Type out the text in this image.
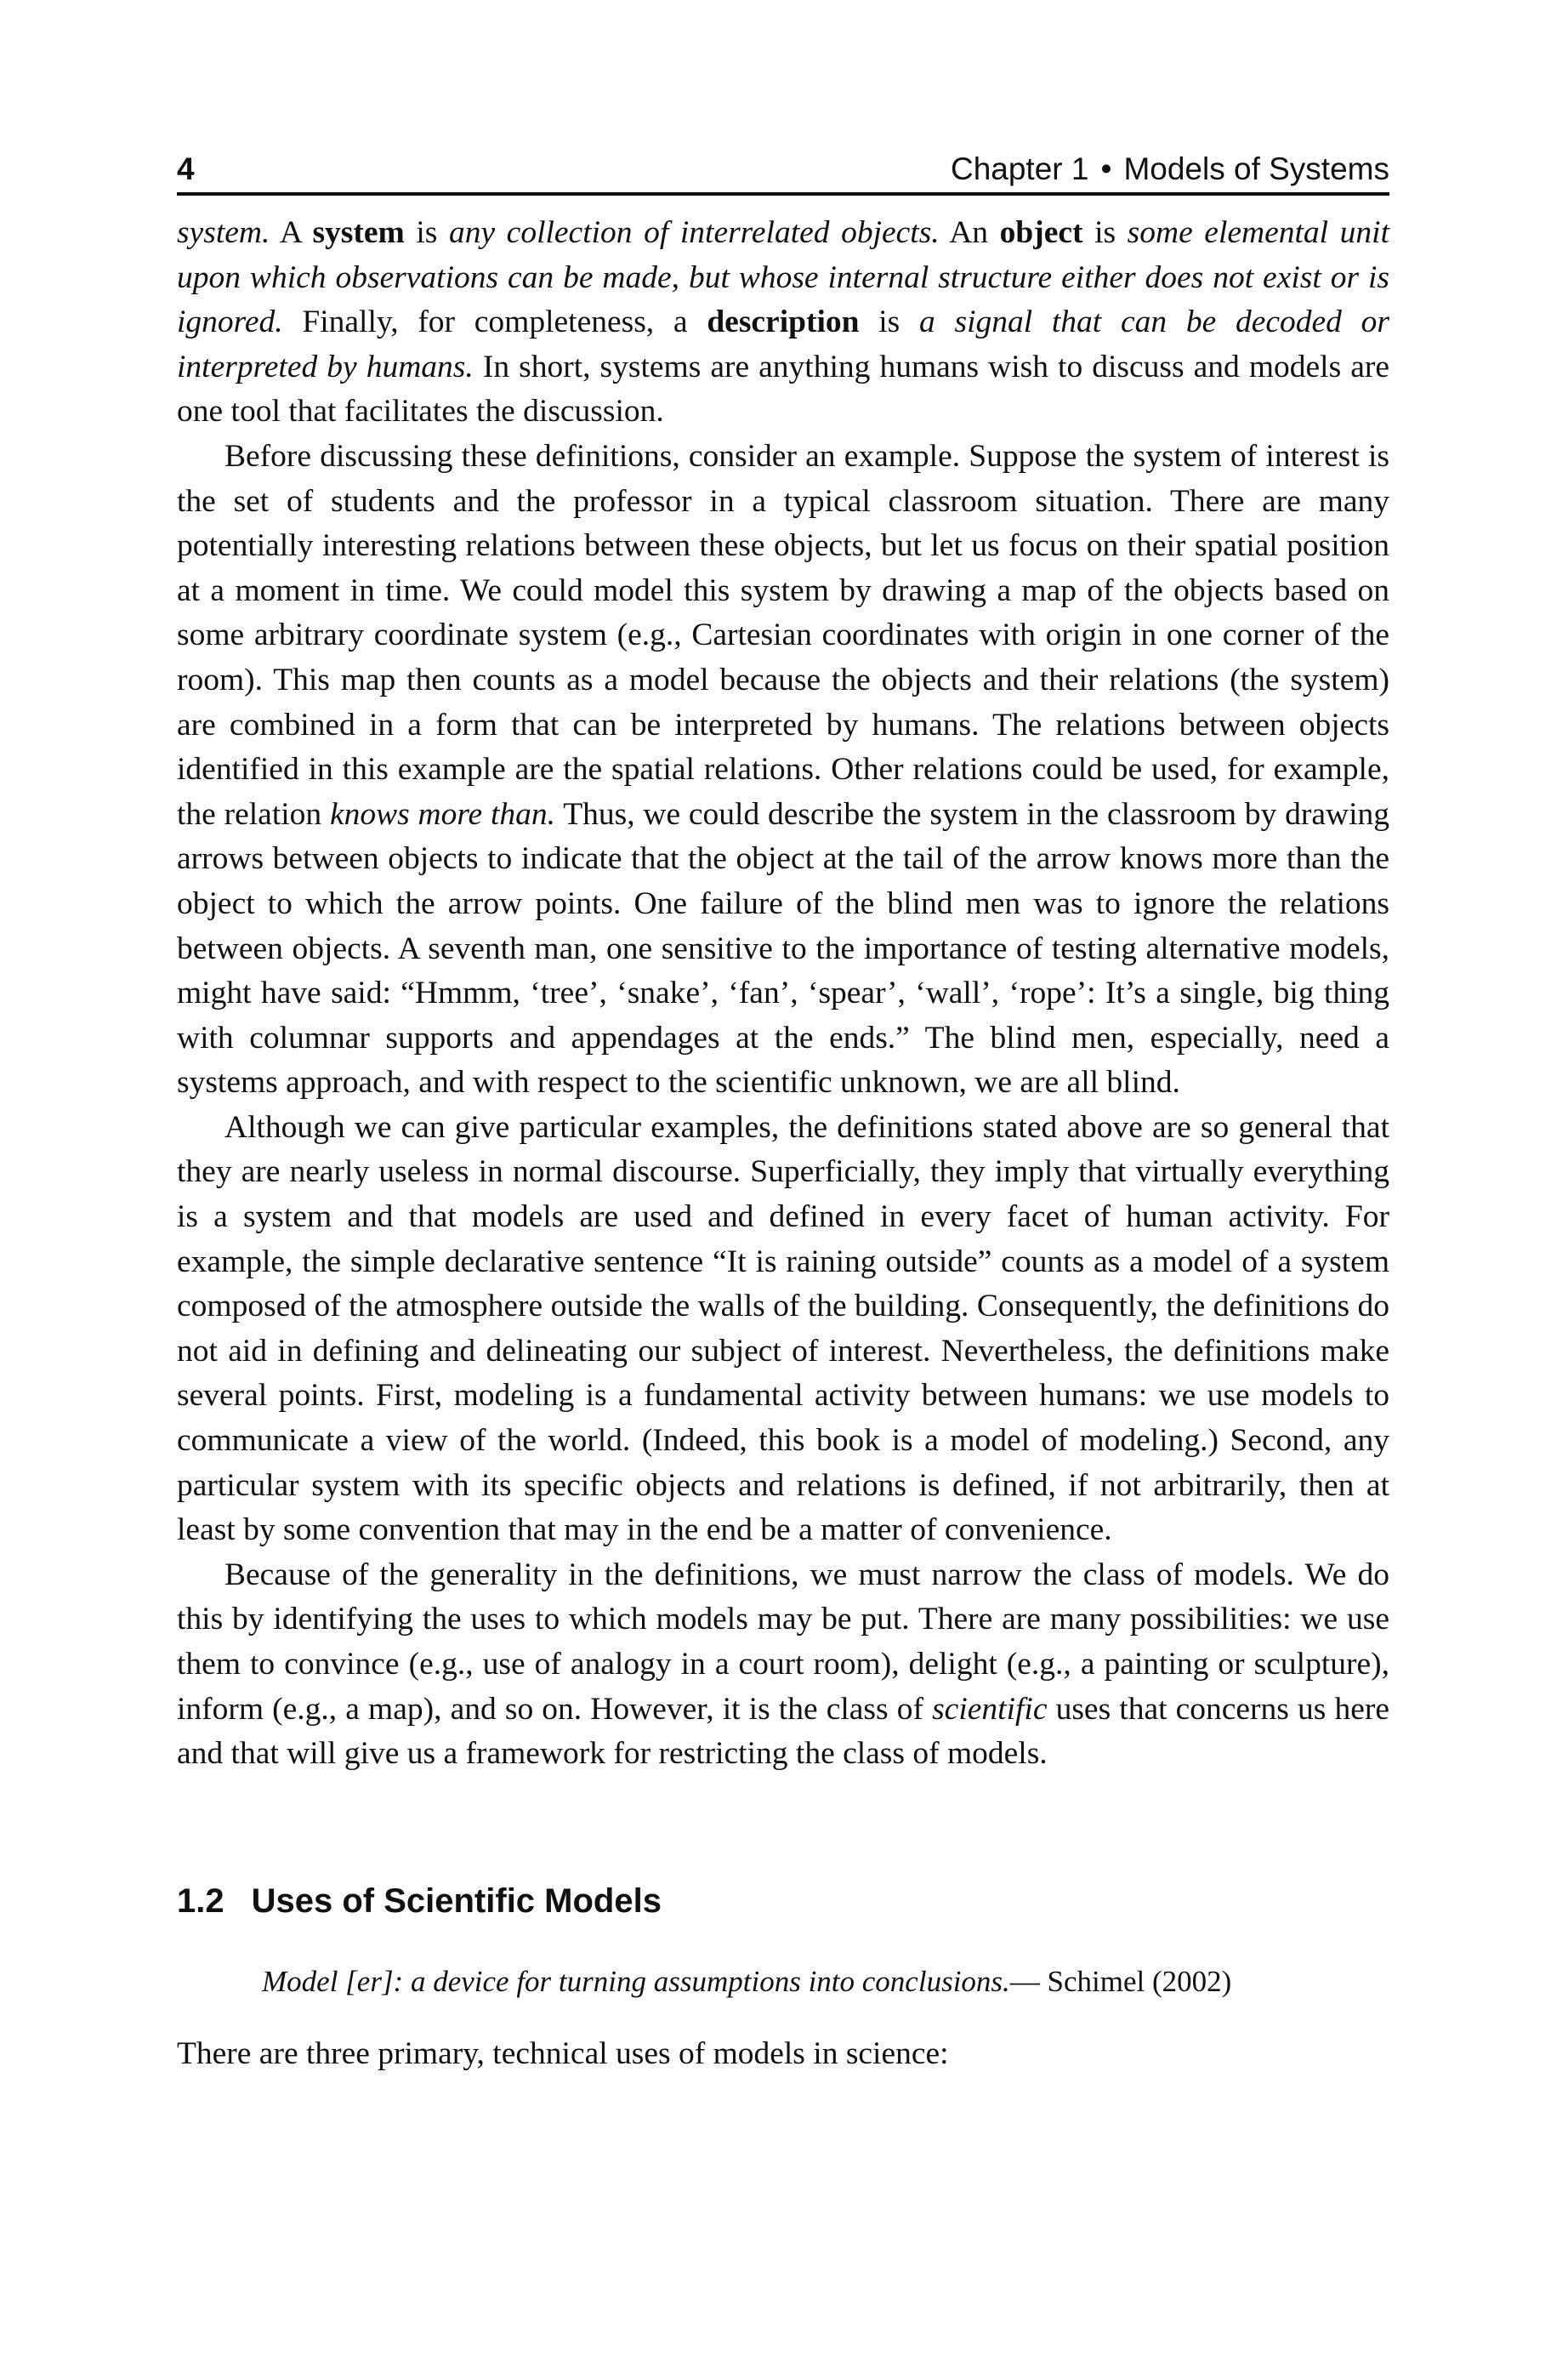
4	Chapter 1 • Models of Systems

system. A system is any collection of interrelated objects. An object is some elemental unit upon which observations can be made, but whose internal structure either does not exist or is ignored. Finally, for completeness, a description is a signal that can be decoded or interpreted by humans. In short, systems are anything humans wish to discuss and models are one tool that facilitates the discussion.

Before discussing these definitions, consider an example. Suppose the system of interest is the set of students and the professor in a typical classroom situation. There are many potentially interesting relations between these objects, but let us focus on their spatial position at a moment in time. We could model this system by drawing a map of the objects based on some arbitrary coordinate system (e.g., Cartesian coordinates with origin in one corner of the room). This map then counts as a model because the objects and their relations (the system) are combined in a form that can be interpreted by humans. The relations between objects identified in this example are the spatial relations. Other relations could be used, for example, the relation knows more than. Thus, we could describe the system in the classroom by drawing arrows between objects to indicate that the object at the tail of the arrow knows more than the object to which the arrow points. One failure of the blind men was to ignore the relations between objects. A seventh man, one sensitive to the importance of testing alternative models, might have said: “Hmmm, ‘tree’, ‘snake’, ‘fan’, ‘spear’, ‘wall’, ‘rope’: It’s a single, big thing with columnar supports and appendages at the ends.” The blind men, especially, need a systems approach, and with respect to the scientific unknown, we are all blind.

Although we can give particular examples, the definitions stated above are so general that they are nearly useless in normal discourse. Superficially, they imply that virtually everything is a system and that models are used and defined in every facet of human activity. For example, the simple declarative sentence “It is raining outside” counts as a model of a system composed of the atmosphere outside the walls of the building. Consequently, the definitions do not aid in defining and delineating our subject of interest. Nevertheless, the definitions make several points. First, modeling is a fundamental activity between humans: we use models to communicate a view of the world. (Indeed, this book is a model of modeling.) Second, any particular system with its specific objects and relations is defined, if not arbitrarily, then at least by some convention that may in the end be a matter of convenience.

Because of the generality in the definitions, we must narrow the class of models. We do this by identifying the uses to which models may be put. There are many possibilities: we use them to convince (e.g., use of analogy in a court room), delight (e.g., a painting or sculpture), inform (e.g., a map), and so on. However, it is the class of scientific uses that concerns us here and that will give us a framework for restricting the class of models.

1.2 Uses of Scientific Models
Model [er]: a device for turning assumptions into conclusions.— Schimel (2002)
There are three primary, technical uses of models in science:
